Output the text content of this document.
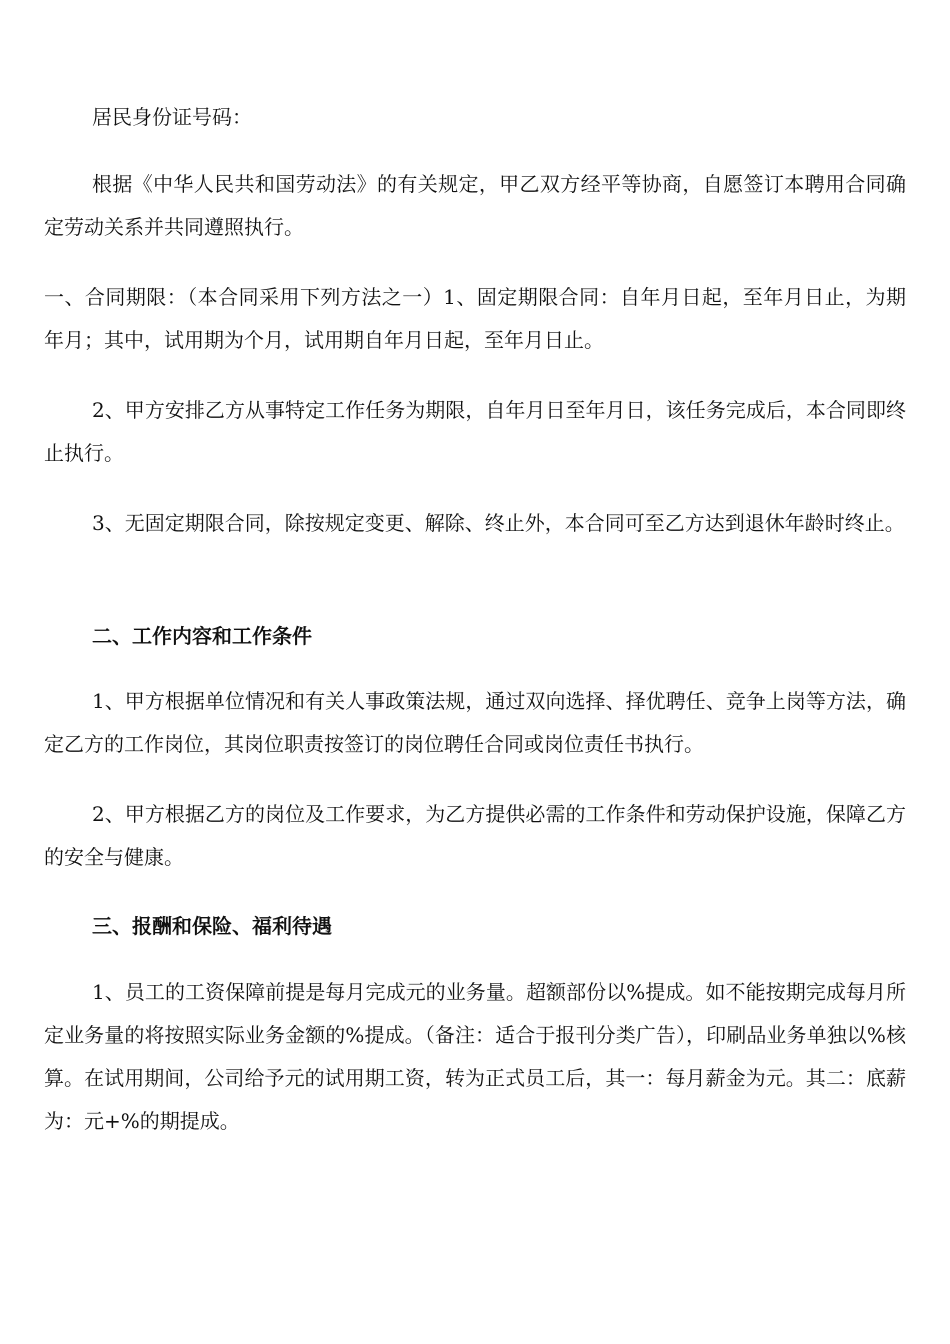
居民身份证号码：

根据《中华人民共和国劳动法》的有关规定，甲乙双方经平等协商，自愿签订本聘用合同确定劳动关系并共同遵照执行。

一、合同期限：（本合同采用下列方法之一）1、固定期限合同：自年月日起，至年月日止，为期年月；其中，试用期为个月，试用期自年月日起，至年月日止。

2、甲方安排乙方从事特定工作任务为期限，自年月日至年月日，该任务完成后，本合同即终止执行。

3、无固定期限合同，除按规定变更、解除、终止外，本合同可至乙方达到退休年龄时终止。

二、工作内容和工作条件

1、甲方根据单位情况和有关人事政策法规，通过双向选择、择优聘任、竞争上岗等方法，确定乙方的工作岗位，其岗位职责按签订的岗位聘任合同或岗位责任书执行。

2、甲方根据乙方的岗位及工作要求，为乙方提供必需的工作条件和劳动保护设施，保障乙方的安全与健康。

三、报酬和保险、福利待遇

1、员工的工资保障前提是每月完成元的业务量。超额部份以%提成。如不能按期完成每月所定业务量的将按照实际业务金额的%提成。（备注：适合于报刊分类广告），印刷品业务单独以%核算。在试用期间，公司给予元的试用期工资，转为正式员工后，其一：每月薪金为元。其二：底薪为：元+%的期提成。
